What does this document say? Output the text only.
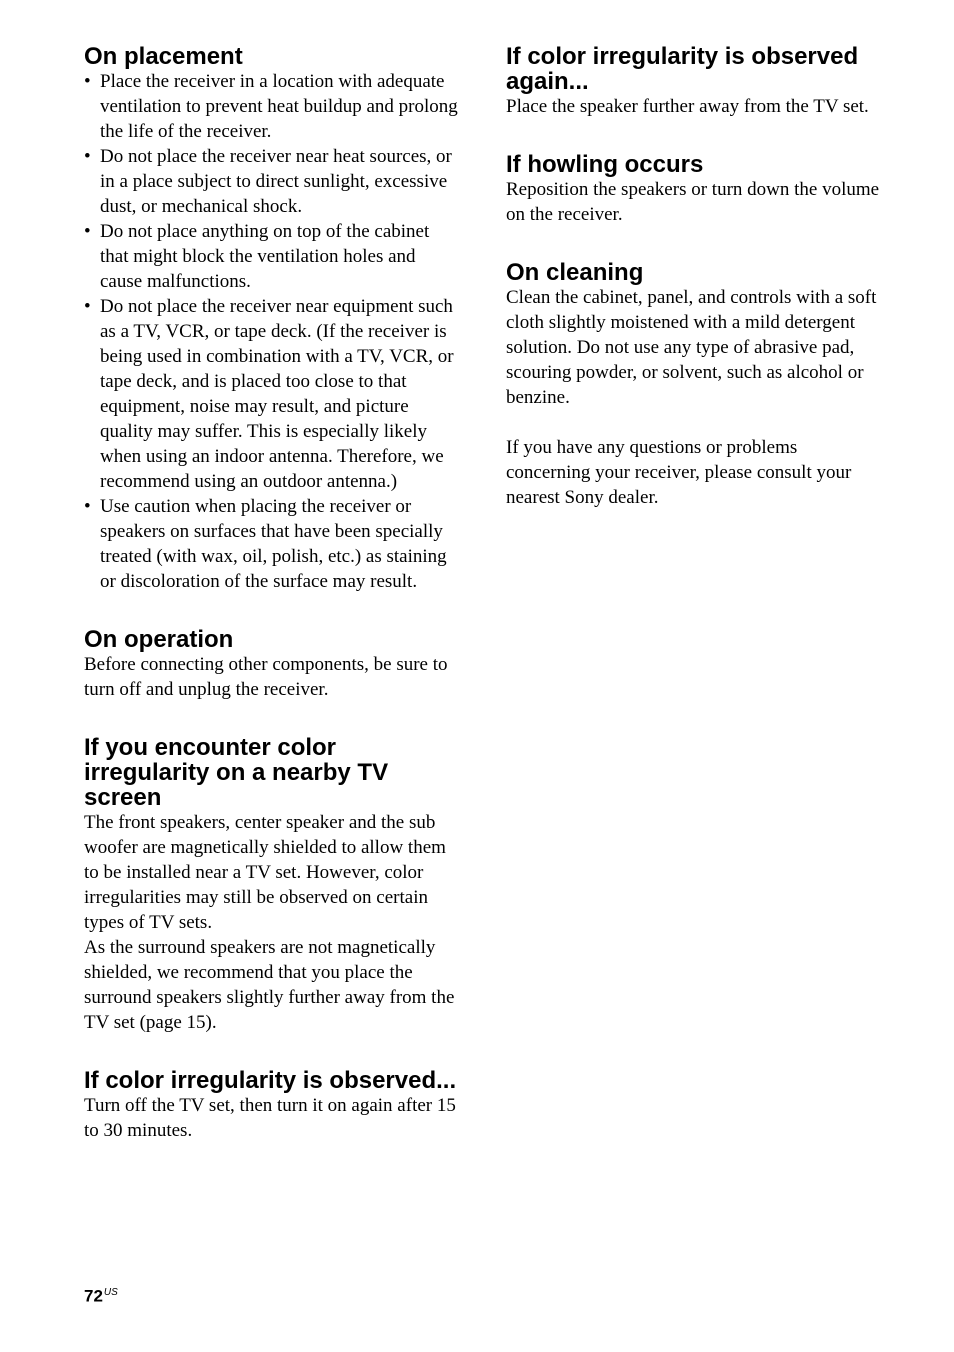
On placement
• Place the receiver in a location with adequate ventilation to prevent heat buildup and prolong the life of the receiver.
• Do not place the receiver near heat sources, or in a place subject to direct sunlight, excessive dust, or mechanical shock.
• Do not place anything on top of the cabinet that might block the ventilation holes and cause malfunctions.
• Do not place the receiver near equipment such as a TV, VCR, or tape deck. (If the receiver is being used in combination with a TV, VCR, or tape deck, and is placed too close to that equipment, noise may result, and picture quality may suffer. This is especially likely when using an indoor antenna. Therefore, we recommend using an outdoor antenna.)
• Use caution when placing the receiver or speakers on surfaces that have been specially treated (with wax, oil, polish, etc.) as staining or discoloration of the surface may result.
On operation

Before connecting other components, be sure to turn off and unplug the receiver.

If you encounter color irregularity on a nearby TV screen

The front speakers, center speaker and the sub woofer are magnetically shielded to allow them to be installed near a TV set. However, color irregularities may still be observed on certain types of TV sets.

As the surround speakers are not magnetically shielded, we recommend that you place the surround speakers slightly further away from the TV set (page 15).

If color irregularity is observed...

Turn off the TV set, then turn it on again after 15 to 30 minutes.

If color irregularity is observed again...

Place the speaker further away from the TV set.

If howling occurs

Reposition the speakers or turn down the volume on the receiver.

On cleaning

Clean the cabinet, panel, and controls with a soft cloth slightly moistened with a mild detergent solution. Do not use any type of abrasive pad, scouring powder, or solvent, such as alcohol or benzine.

If you have any questions or problems concerning your receiver, please consult your nearest Sony dealer.

$72^{US}$
